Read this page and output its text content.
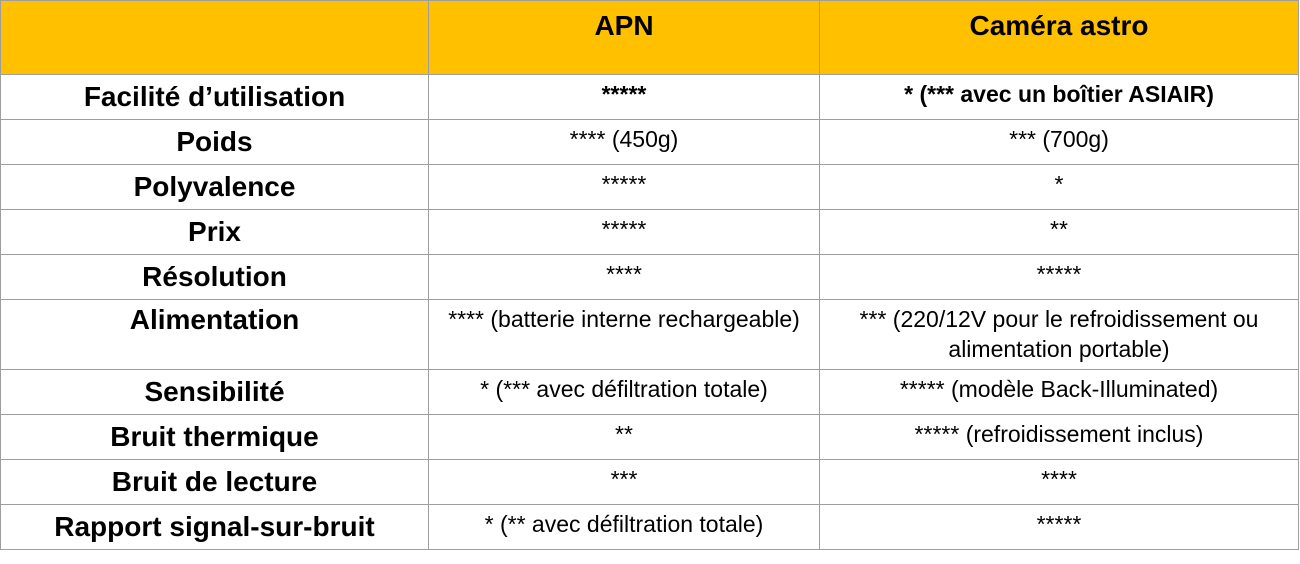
	APN	Caméra astro
Facilité d’utilisation	*****	* (*** avec un boîtier ASIAIR)
Poids	**** (450g)	*** (700g)
Polyvalence	*****	*
Prix	*****	**
Résolution	****	*****
Alimentation	**** (batterie interne rechargeable)	*** (220/12V pour le refroidissement ou alimentation portable)
Sensibilité	* (*** avec défiltration totale)	***** (modèle Back-Illuminated)
Bruit thermique	**	***** (refroidissement inclus)
Bruit de lecture	***	****
Rapport signal-sur-bruit	* (** avec défiltration totale)	*****
